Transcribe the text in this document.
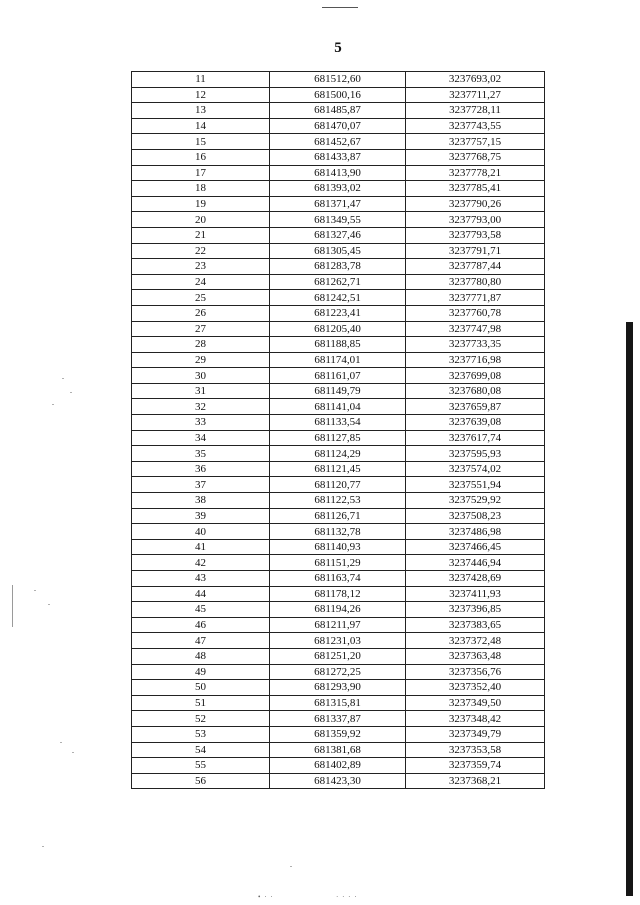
5
11	681512,60	3237693,02
12	681500,16	3237711,27
13	681485,87	3237728,11
14	681470,07	3237743,55
15	681452,67	3237757,15
16	681433,87	3237768,75
17	681413,90	3237778,21
18	681393,02	3237785,41
19	681371,47	3237790,26
20	681349,55	3237793,00
21	681327,46	3237793,58
22	681305,45	3237791,71
23	681283,78	3237787,44
24	681262,71	3237780,80
25	681242,51	3237771,87
26	681223,41	3237760,78
27	681205,40	3237747,98
28	681188,85	3237733,35
29	681174,01	3237716,98
30	681161,07	3237699,08
31	681149,79	3237680,08
32	681141,04	3237659,87
33	681133,54	3237639,08
34	681127,85	3237617,74
35	681124,29	3237595,93
36	681121,45	3237574,02
37	681120,77	3237551,94
38	681122,53	3237529,92
39	681126,71	3237508,23
40	681132,78	3237486,98
41	681140,93	3237466,45
42	681151,29	3237446,94
43	681163,74	3237428,69
44	681178,12	3237411,93
45	681194,26	3237396,85
46	681211,97	3237383,65
47	681231,03	3237372,48
48	681251,20	3237363,48
49	681272,25	3237356,76
50	681293,90	3237352,40
51	681315,81	3237349,50
52	681337,87	3237348,42
53	681359,92	3237349,79
54	681381,68	3237353,58
55	681402,89	3237359,74
56	681423,30	3237368,21
• · ·	· · · ·
